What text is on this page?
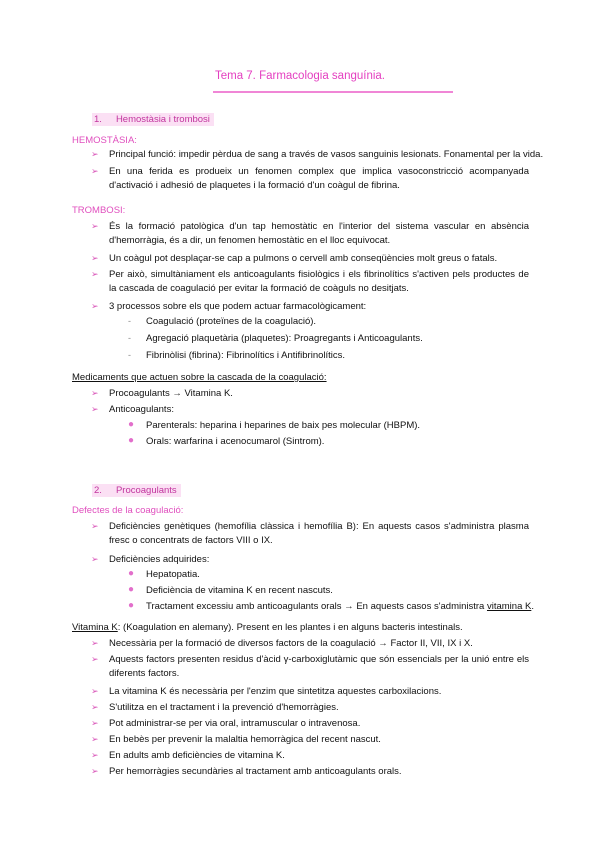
Tema 7. Farmacologia sanguínia.
1. Hemostàsia i trombosi
HEMOSTÀSIA:
➢ Principal funció: impedir pèrdua de sang a través de vasos sanguinis lesionats. Fonamental per la vida.
➢ En una ferida es produeix un fenomen complex que implica vasoconstricció acompanyada d'activació i adhesió de plaquetes i la formació d'un coàgul de fibrina.
TROMBOSI:
➢ És la formació patològica d'un tap hemostàtic en l'interior del sistema vascular en absència d'hemorràgia, és a dir, un fenomen hemostàtic en el lloc equivocat.
➢ Un coàgul pot desplaçar-se cap a pulmons o cervell amb conseqüències molt greus o fatals.
➢ Per això, simultàniament els anticoagulants fisiològics i els fibrinolítics s'activen pels productes de la cascada de coagulació per evitar la formació de coàguls no desitjats.
➢ 3 processos sobre els que podem actuar farmacològicament:
- Coagulació (proteïnes de la coagulació).
- Agregació plaquetària (plaquetes): Proagregants i Anticoagulants.
- Fibrinòlisi (fibrina): Fibrinolítics i Antifibrinolítics.
Medicaments que actuen sobre la cascada de la coagulació:
➢ Procoagulants → Vitamina K.
➢ Anticoagulants:
● Parenterals: heparina i heparines de baix pes molecular (HBPM).
● Orals: warfarina i acenocumarol (Sintrom).
2. Procoagulants
Defectes de la coagulació:
➢ Deficiències genètiques (hemofília clàssica i hemofília B): En aquests casos s'administra plasma fresc o concentrats de factors VIII o IX.
➢ Deficiències adquirides:
● Hepatopatia.
● Deficiència de vitamina K en recent nascuts.
● Tractament excessiu amb anticoagulants orals → En aquests casos s'administra vitamina K.
Vitamina K: (Koagulation en alemany). Present en les plantes i en alguns bacteris intestinals.
➢ Necessària per la formació de diversos factors de la coagulació → Factor II, VII, IX i X.
➢ Aquests factors presenten residus d'àcid γ-carboxiglutàmic que són essencials per la unió entre els diferents factors.
➢ La vitamina K és necessària per l'enzim que sintetitza aquestes carboxilacions.
➢ S'utilitza en el tractament i la prevenció d'hemorràgies.
➢ Pot administrar-se per via oral, intramuscular o intravenosa.
➢ En bebès per prevenir la malaltia hemorràgica del recent nascut.
➢ En adults amb deficiències de vitamina K.
➢ Per hemorràgies secundàries al tractament amb anticoagulants orals.
